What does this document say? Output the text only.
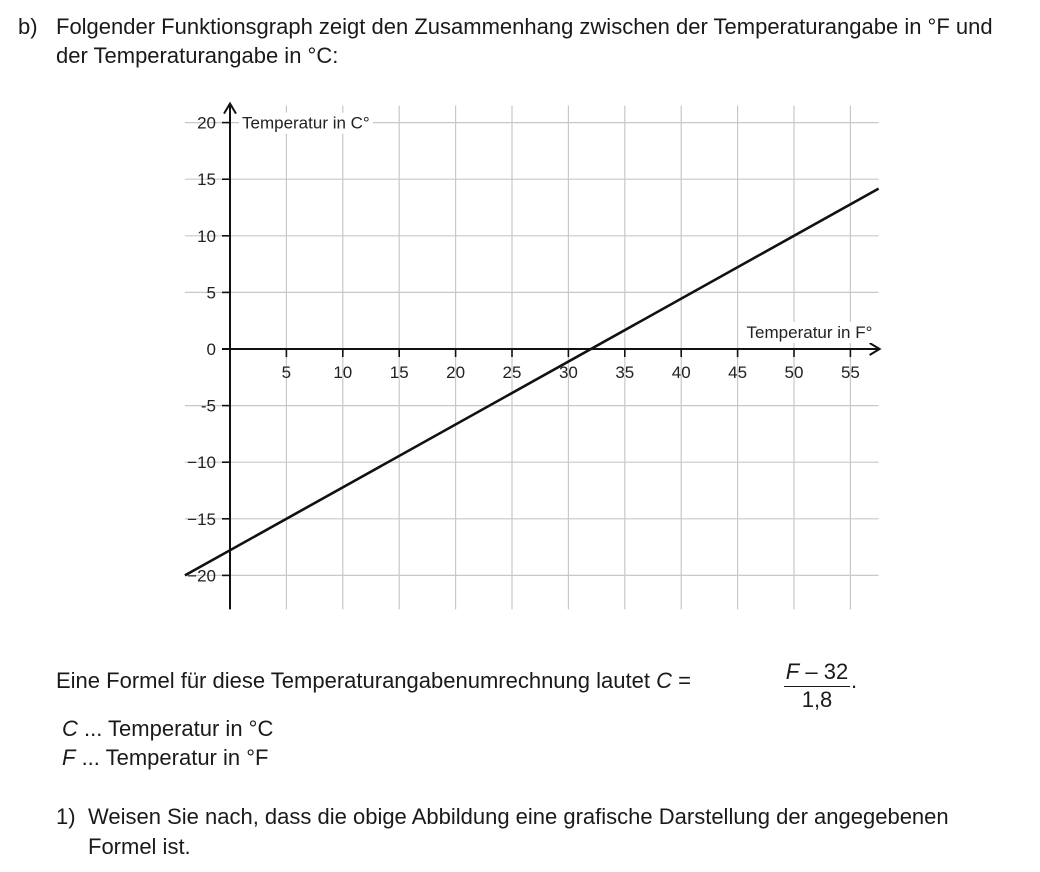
b) Folgender Funktionsgraph zeigt den Zusammenhang zwischen der Temperaturangabe in °F und der Temperaturangabe in °C:
5 10 15 20 25 30 35 40 45 50 55
20
15
10
5
0
-5
−10
−15
−20
Temperatur in C°
Temperatur in F°
Eine Formel für diese Temperaturangabenumrechnung lautet C =	$\frac{F - 32}{1,8}$ .
C ... Temperatur in °C
F ... Temperatur in °F
1) Weisen Sie nach, dass die obige Abbildung eine grafische Darstellung der angegebenen Formel ist.
